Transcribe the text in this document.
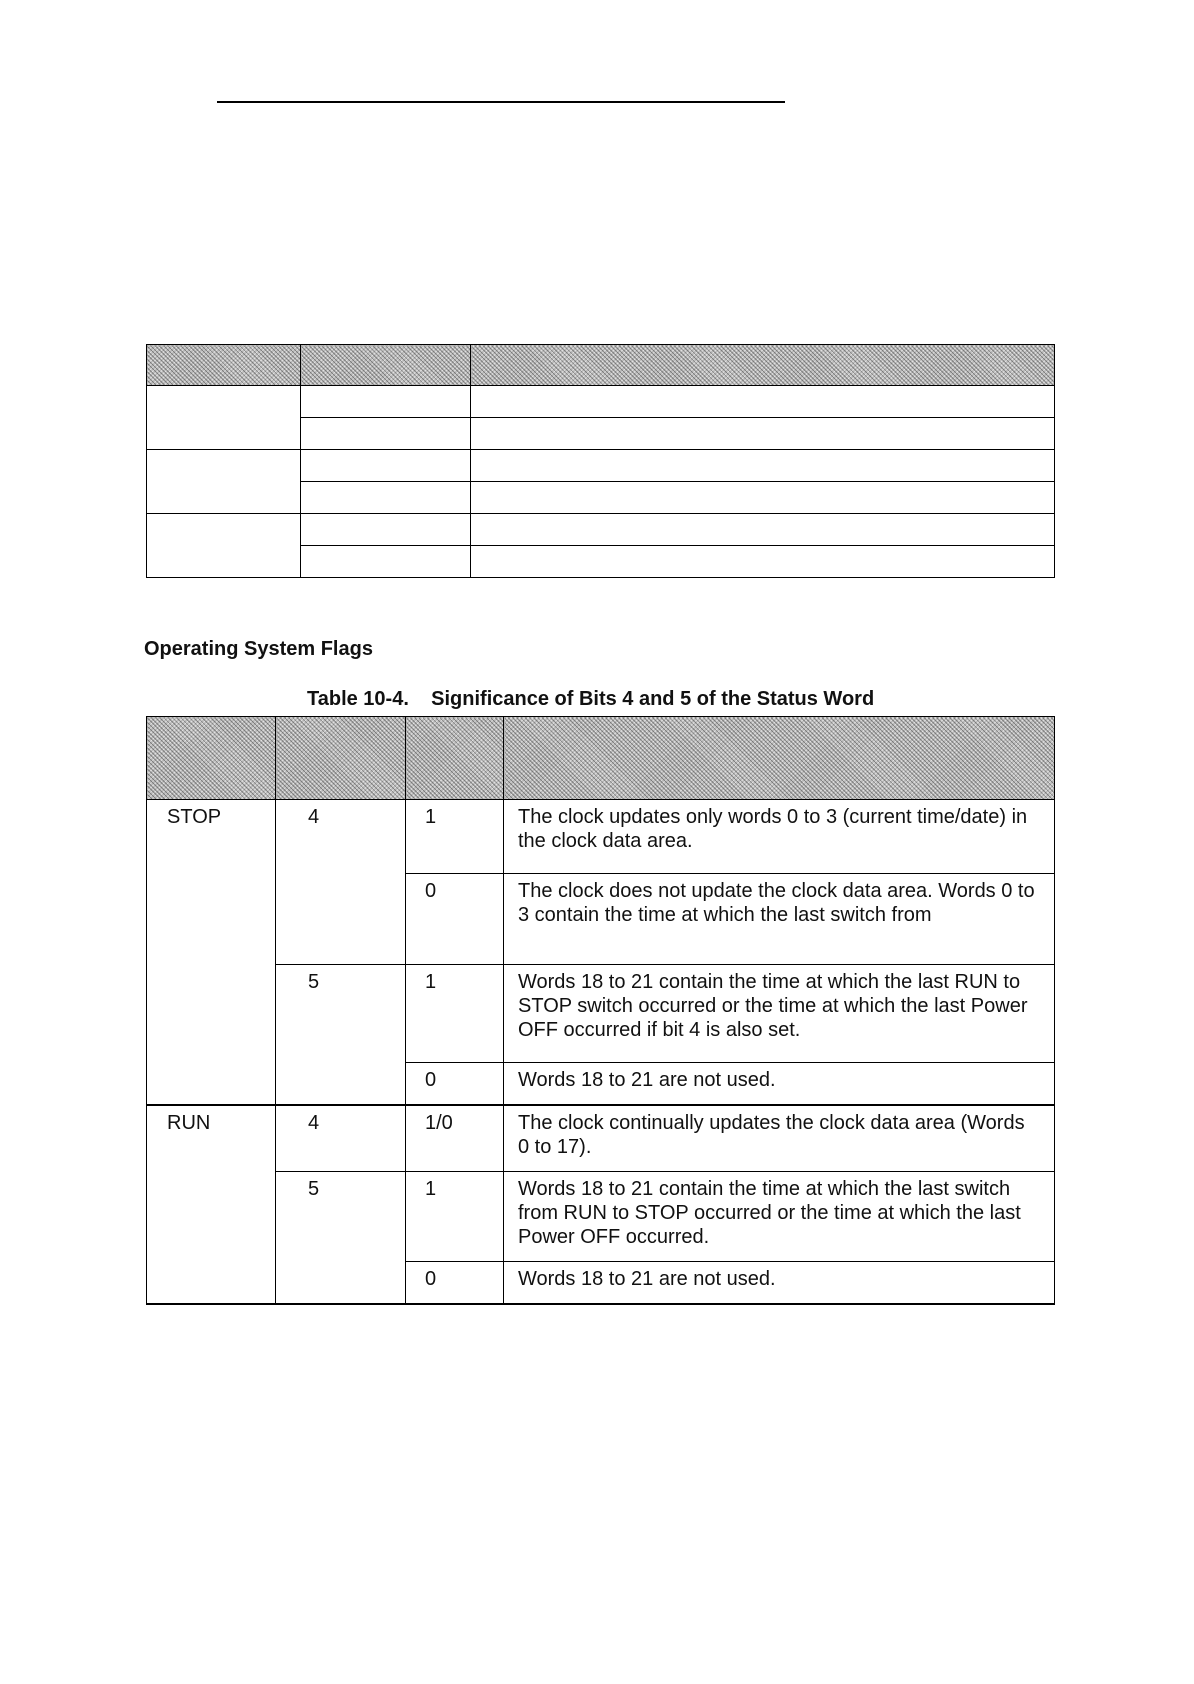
Operating System Flags
Table 10-4. Significance of Bits 4 and 5 of the Status Word

STOP	4	1	The clock updates only words 0 to 3 (current time/date) in the clock data area.
		0	The clock does not update the clock data area. Words 0 to 3 contain the time at which the last switch from
	5	1	Words 18 to 21 contain the time at which the last RUN to STOP switch occurred or the time at which the last Power OFF occurred if bit 4 is also set.
		0	Words 18 to 21 are not used.
RUN	4	1/0	The clock continually updates the clock data area (Words 0 to 17).
	5	1	Words 18 to 21 contain the time at which the last switch from RUN to STOP occurred or the time at which the last Power OFF occurred.
		0	Words 18 to 21 are not used.
